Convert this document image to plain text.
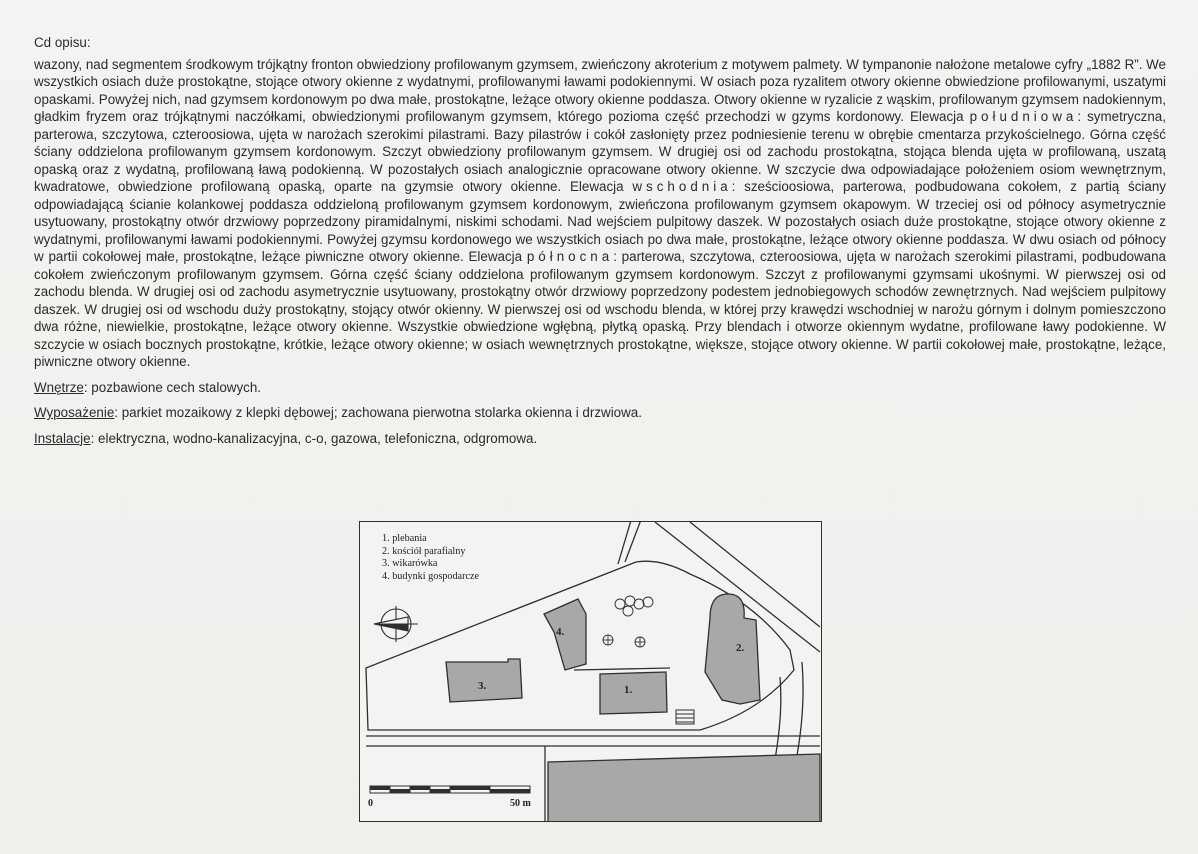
Cd opisu:

wazony, nad segmentem środkowym trójkątny fronton obwiedziony profilowanym gzymsem, zwieńczony akroterium z motywem palmety. W tympanonie nałożone metalowe cyfry „1882 R”. We wszystkich osiach duże prostokątne, stojące otwory okienne z wydatnymi, profilowanymi ławami podokiennymi. W osiach poza ryzalitem otwory okienne obwiedzione profilowanymi, uszatymi opaskami. Powyżej nich, nad gzymsem kordonowym po dwa małe, prostokątne, leżące otwory okienne poddasza. Otwory okienne w ryzalicie z wąskim, profilowanym gzymsem nadokiennym, gładkim fryzem oraz trójkątnymi naczółkami, obwiedzionymi profilowanym gzymsem, którego pozioma część przechodzi w gzyms kordonowy. Elewacja południowa: symetryczna, parterowa, szczytowa, czteroosiowa, ujęta w narożach szerokimi pilastrami. Bazy pilastrów i cokół zasłonięty przez podniesienie terenu w obrębie cmentarza przykościelnego. Górna część ściany oddzielona profilowanym gzymsem kordonowym. Szczyt obwiedziony profilowanym gzymsem. W drugiej osi od zachodu prostokątna, stojąca blenda ujęta w profilowaną, uszatą opaską oraz z wydatną, profilowaną ławą podokienną. W pozostałych osiach analogicznie opracowane otwory okienne. W szczycie dwa odpowiadające położeniem osiom wewnętrznym, kwadratowe, obwiedzione profilowaną opaską, oparte na gzymsie otwory okienne. Elewacja wschodnia: sześcioosiowa, parterowa, podbudowana cokołem, z partią ściany odpowiadającą ścianie kolankowej poddasza oddzieloną profilowanym gzymsem kordonowym, zwieńczona profilowanym gzymsem okapowym. W trzeciej osi od północy asymetrycznie usytuowany, prostokątny otwór drzwiowy poprzedzony piramidalnymi, niskimi schodami. Nad wejściem pulpitowy daszek. W pozostałych osiach duże prostokątne, stojące otwory okienne z wydatnymi, profilowanymi ławami podokiennymi. Powyżej gzymsu kordonowego we wszystkich osiach po dwa małe, prostokątne, leżące otwory okienne poddasza. W dwu osiach od północy w partii cokołowej małe, prostokątne, leżące piwniczne otwory okienne. Elewacja północna: parterowa, szczytowa, czteroosiowa, ujęta w narożach szerokimi pilastrami, podbudowana cokołem zwieńczonym profilowanym gzymsem. Górna część ściany oddzielona profilowanym gzymsem kordonowym. Szczyt z profilowanymi gzymsami ukośnymi. W pierwszej osi od zachodu blenda. W drugiej osi od zachodu asymetrycznie usytuowany, prostokątny otwór drzwiowy poprzedzony podestem jednobiegowych schodów zewnętrznych. Nad wejściem pulpitowy daszek. W drugiej osi od wschodu duży prostokątny, stojący otwór okienny. W pierwszej osi od wschodu blenda, w której przy krawędzi wschodniej w narożu górnym i dolnym pomieszczono dwa różne, niewielkie, prostokątne, leżące otwory okienne. Wszystkie obwiedzione wgłębną, płytką opaską. Przy blendach i otworze okiennym wydatne, profilowane ławy podokienne. W szczycie w osiach bocznych prostokątne, krótkie, leżące otwory okienne; w osiach wewnętrznych prostokątne, większe, stojące otwory okienne. W partii cokołowej małe, prostokątne, leżące, piwniczne otwory okienne.

Wnętrze: pozbawione cech stalowych.
Wyposażenie: parkiet mozaikowy z klepki dębowej; zachowana pierwotna stolarka okienna i drzwiowa.
Instalacje: elektryczna, wodno-kanalizacyjna, c-o, gazowa, telefoniczna, odgromowa.
1. plebania
2. kościół parafialny
3. wikarówka
4. budynki gospodarcze
1.
2.
3.
4.
0	50 m
